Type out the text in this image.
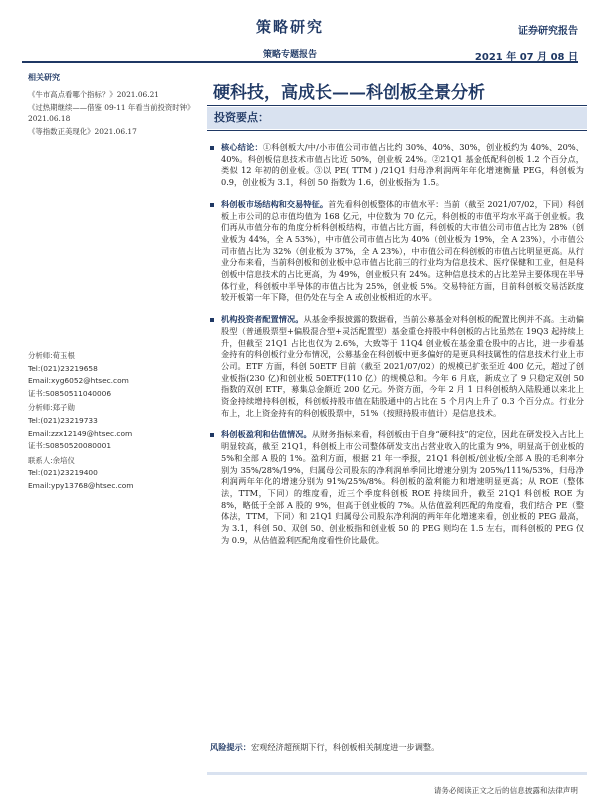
策略研究
策略专题报告
证券研究报告
2021 年 07 月 08 日
相关研究
《牛市高点看哪个指标？》2021.06.21
《过热期继续——借鉴 09-11 年看当前投资时钟》2021.06.18
《等指数正美现化》2021.06.17
分析师:荀玉根
Tel:(021)23219658
Email:xyg6052@htsec.com
证书:S0850511040006
分析师:郑子勋
Tel:(021)23219733
Email:zzx12149@htsec.com
证书:S0850520080001
联系人:余培仪
Tel:(021)23219400
Email:ypy13768@htsec.com
硬科技，高成长——科创板全景分析
投资要点：
核心结论：①科创板大/中/小市值公司市值占比约 30%、40%、30%，创业板约为 40%、20%、40%。科创板信息技术市值占比近 50%，创业板 24%。②21Q1 基金低配科创板 1.2 个百分点，类似 12 年初的创业板。③以 PE( TTM ) /21Q1 归母净利润两年年化增速衡量 PEG，科创板为 0.9，创业板为 3.1，科创 50 指数为 1.6，创业板指为 1.5。
科创板市场结构和交易特征。首先看科创板整体的市值水平：当前（截至 2021/07/02，下同）科创板上市公司的总市值均值为 168 亿元，中位数为 70 亿元，科创板的市值平均水平高于创业板。我们再从市值分布的角度分析科创板结构，市值占比方面，科创板的大市值公司市值占比为 28%（创业板为 44%，全 A 53%），中市值公司市值占比为 40%（创业板为 19%，全 A 23%），小市值公司市值占比为 32%（创业板为 37%，全 A 23%），中市值公司在科创板的市值占比明显更高。从行业分布来看，当前科创板和创业板中总市值占比前三的行业均为信息技术、医疗保健和工业，但是科创板中信息技术的占比更高，为 49%，创业板只有 24%。这种信息技术的占比差异主要体现在半导体行业，科创板中半导体的市值占比为 25%，创业板 5%。交易特征方面，目前科创板交易活跃度较开板第一年下降，但仍处在与全 A 或创业板相近的水平。
机构投资者配置情况。从基金季报披露的数据看，当前公募基金对科创板的配置比例并不高。主动偏股型（普通股票型+偏股混合型+灵活配置型）基金重仓持股中科创板的占比虽然在 19Q3 起持续上升，但截至 21Q1 占比也仅为 2.6%，大致等于 11Q4 创业板在基金重仓股中的占比，进一步看基金持有的科创板行业分布情况，公募基金在科创板中更多偏好的是更具科技属性的信息技术行业上市公司。ETF 方面，科创 50ETF 目前（截至 2021/07/02）的规模已扩张至近 400 亿元，超过了创业板指(230 亿)和创业板 50ETF(110 亿）的规模总和。今年 6 月底，新成立了 9 只稳定双创 50 指数的双创 ETF，募集总金额近 200 亿元。外资方面，今年 2 月 1 日科创板纳入陆股通以来北上资金持续增持科创板，科创板持股市值在陆股通中的占比在 5 个月内上升了 0.3 个百分点。行业分布上，北上资金持有的科创板股票中，51%（按照持股市值计）是信息技术。
科创板盈利和估值情况。从财务指标来看，科创板由于自身“硬科技”的定位，因此在研发投入占比上明显较高，截至 21Q1，科创板上市公司整体研发支出占营业收入的比重为 9%，明显高于创业板的 5%和全部 A 股的 1%。盈利方面，根据 21 年一季报，21Q1 科创板/创业板/全部 A 股的毛利率分别为 35%/28%/19%，归属母公司股东的净利润单季同比增速分别为 205%/111%/53%，归母净利润两年年化的增速分别为 91%/25%/8%。科创板的盈利能力和增速明显更高；从 ROE（整体法，TTM，下同）的维度看，近三个季度科创板 ROE 持续回升，截至 21Q1 科创板 ROE 为 8%，略低于全部 A 股的 9%，但高于创业板的 7%。从估值盈利匹配的角度看，我们结合 PE（整体法，TTM，下同）和 21Q1 归属母公司股东净利润的两年年化增速来看，创业板的 PEG 最高，为 3.1，科创 50、双创 50、创业板指和创业板 50 的 PEG 则均在 1.5 左右，而科创板的 PEG 仅为 0.9，从估值盈利匹配角度看性价比最优。
风险提示：宏观经济超预期下行，科创板相关制度进一步调整。
请务必阅读正文之后的信息披露和法律声明
